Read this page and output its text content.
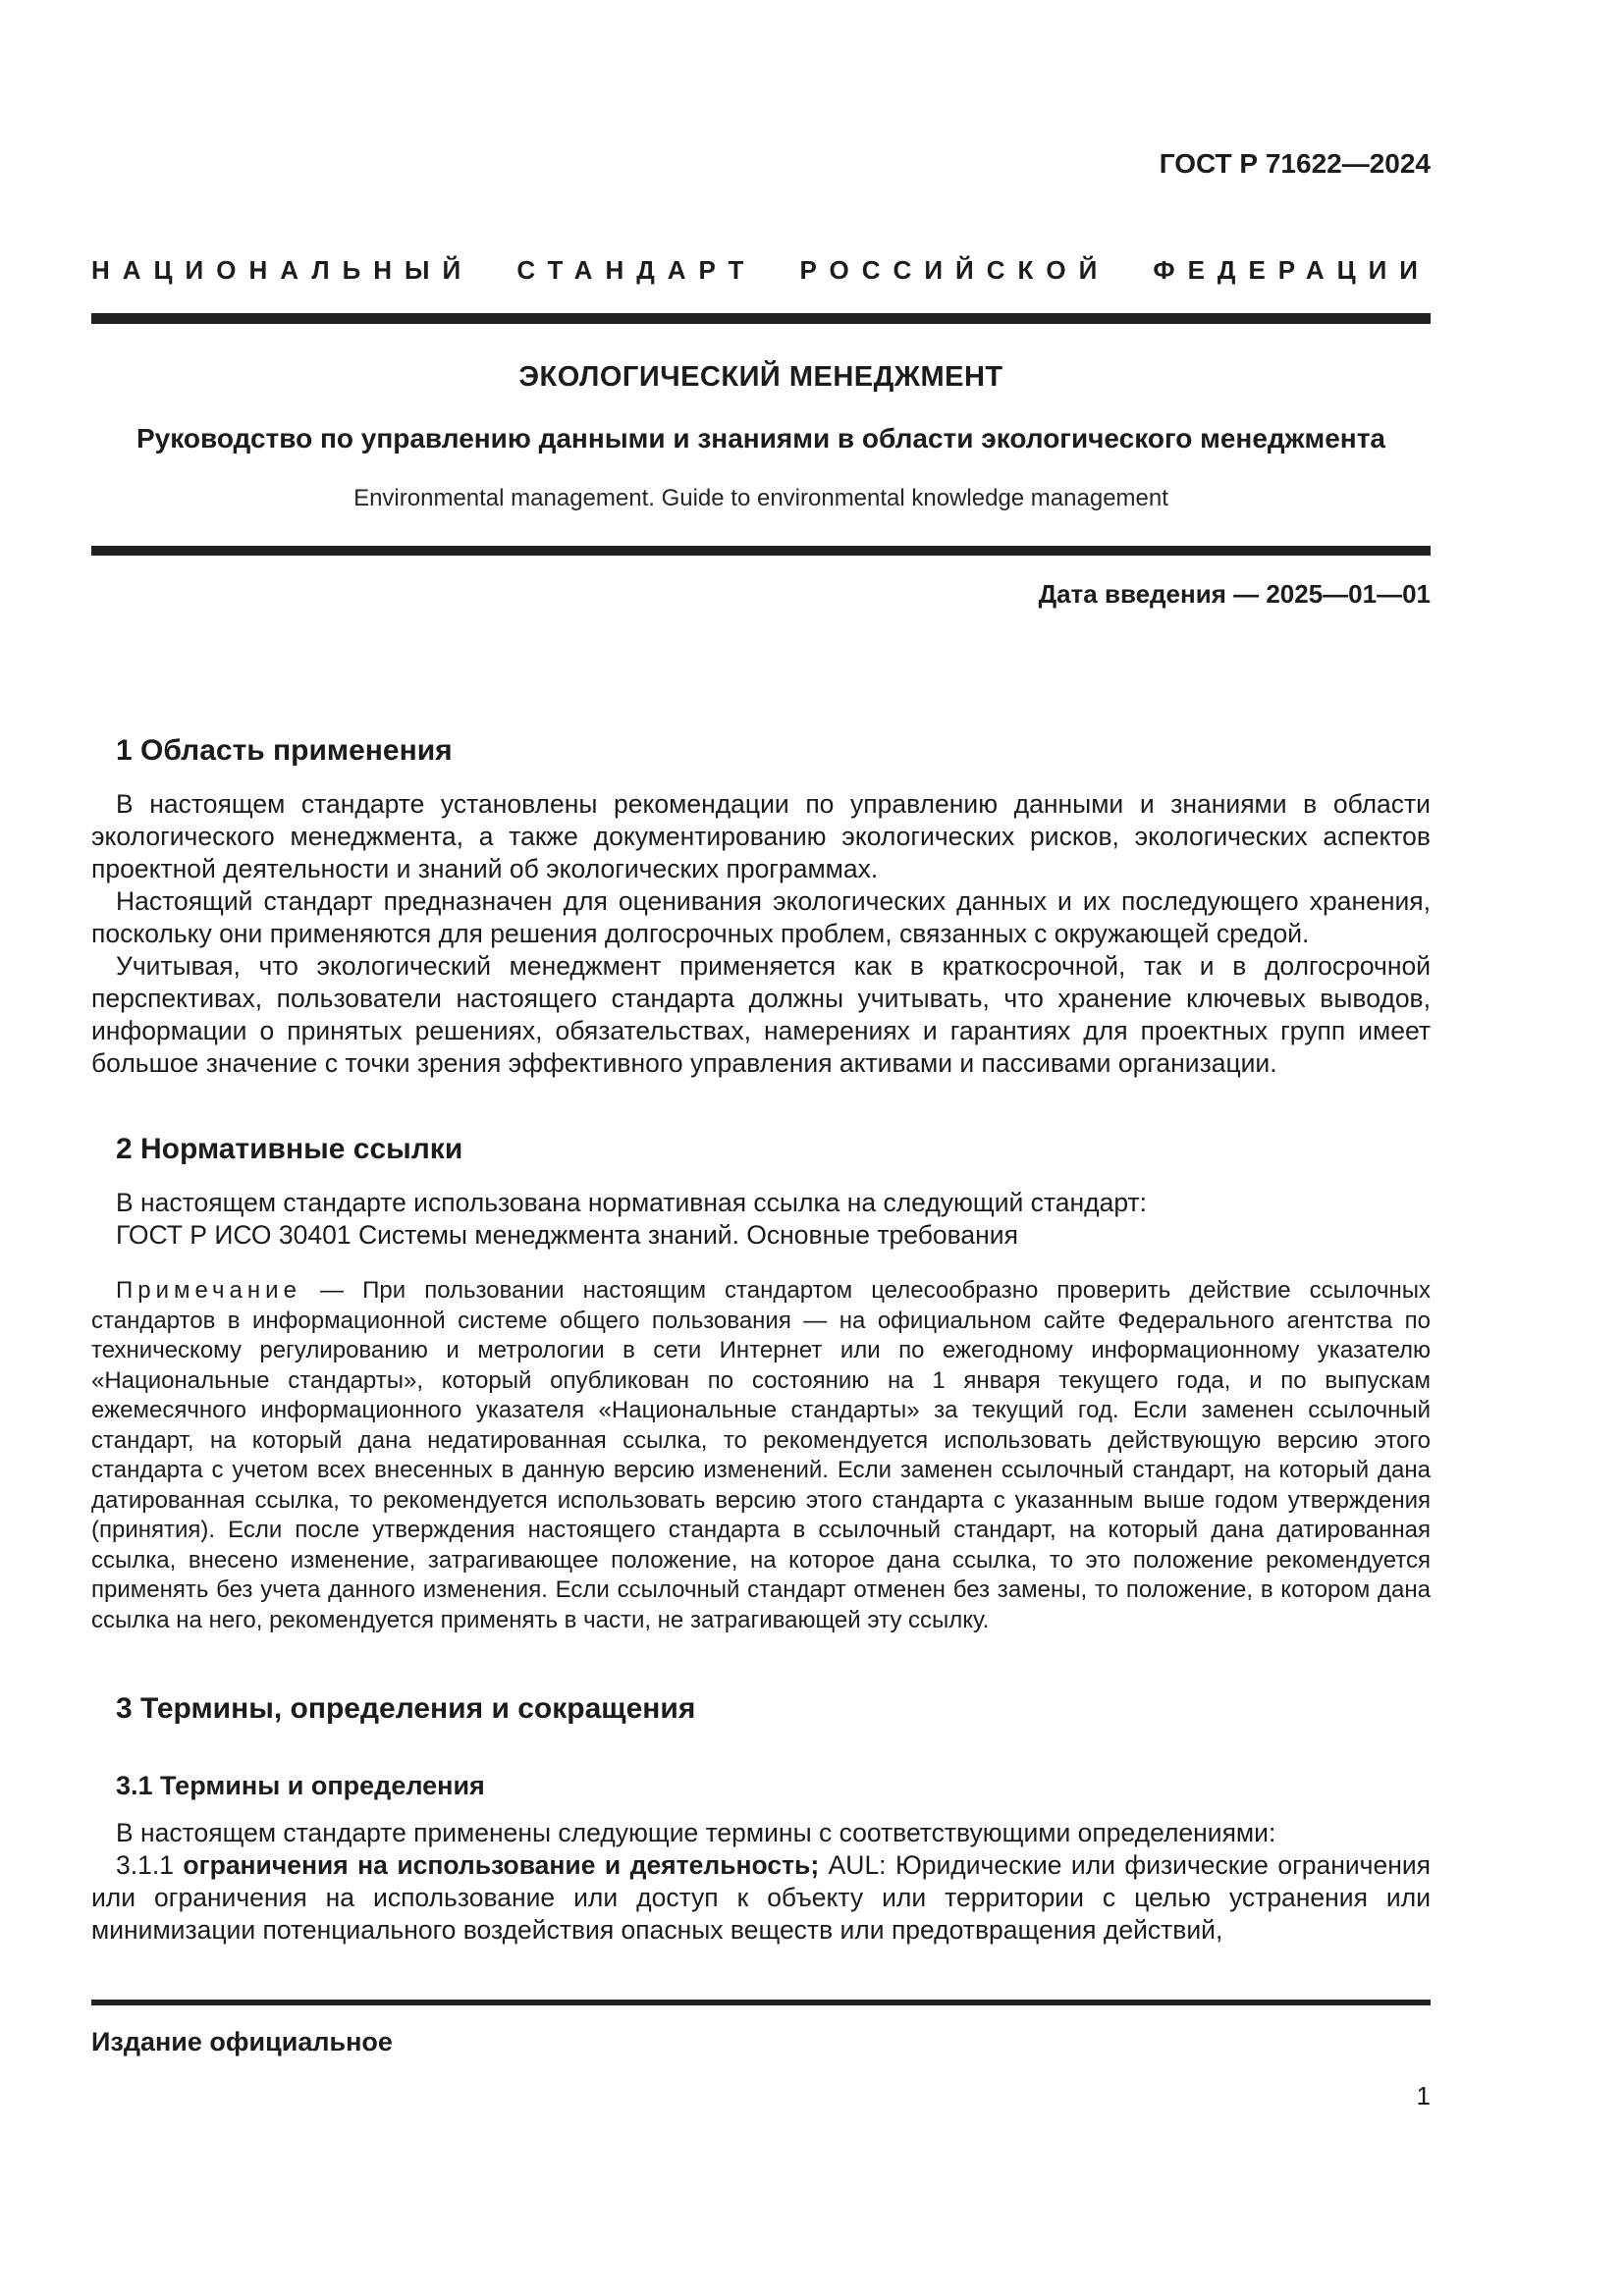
ГОСТ Р 71622—2024
НАЦИОНАЛЬНЫЙ СТАНДАРТ РОССИЙСКОЙ ФЕДЕРАЦИИ
ЭКОЛОГИЧЕСКИЙ МЕНЕДЖМЕНТ
Руководство по управлению данными и знаниями в области экологического менеджмента
Environmental management. Guide to environmental knowledge management
Дата введения — 2025—01—01
1 Область применения

В настоящем стандарте установлены рекомендации по управлению данными и знаниями в области экологического менеджмента, а также документированию экологических рисков, экологических аспектов проектной деятельности и знаний об экологических программах.

Настоящий стандарт предназначен для оценивания экологических данных и их последующего хранения, поскольку они применяются для решения долгосрочных проблем, связанных с окружающей средой.

Учитывая, что экологический менеджмент применяется как в краткосрочной, так и в долгосрочной перспективах, пользователи настоящего стандарта должны учитывать, что хранение ключевых выводов, информации о принятых решениях, обязательствах, намерениях и гарантиях для проектных групп имеет большое значение с точки зрения эффективного управления активами и пассивами организации.

2 Нормативные ссылки

В настоящем стандарте использована нормативная ссылка на следующий стандарт:

ГОСТ Р ИСО 30401 Системы менеджмента знаний. Основные требования

Примечание — При пользовании настоящим стандартом целесообразно проверить действие ссылочных стандартов в информационной системе общего пользования — на официальном сайте Федерального агентства по техническому регулированию и метрологии в сети Интернет или по ежегодному информационному указателю «Национальные стандарты», который опубликован по состоянию на 1 января текущего года, и по выпускам ежемесячного информационного указателя «Национальные стандарты» за текущий год. Если заменен ссылочный стандарт, на который дана недатированная ссылка, то рекомендуется использовать действующую версию этого стандарта с учетом всех внесенных в данную версию изменений. Если заменен ссылочный стандарт, на который дана датированная ссылка, то рекомендуется использовать версию этого стандарта с указанным выше годом утверждения (принятия). Если после утверждения настоящего стандарта в ссылочный стандарт, на который дана датированная ссылка, внесено изменение, затрагивающее положение, на которое дана ссылка, то это положение рекомендуется применять без учета данного изменения. Если ссылочный стандарт отменен без замены, то положение, в котором дана ссылка на него, рекомендуется применять в части, не затрагивающей эту ссылку.

3 Термины, определения и сокращения
3.1 Термины и определения

В настоящем стандарте применены следующие термины с соответствующими определениями:

3.1.1 ограничения на использование и деятельность; AUL: Юридические или физические ограничения или ограничения на использование или доступ к объекту или территории с целью устранения или минимизации потенциального воздействия опасных веществ или предотвращения действий,

Издание официальное
1
